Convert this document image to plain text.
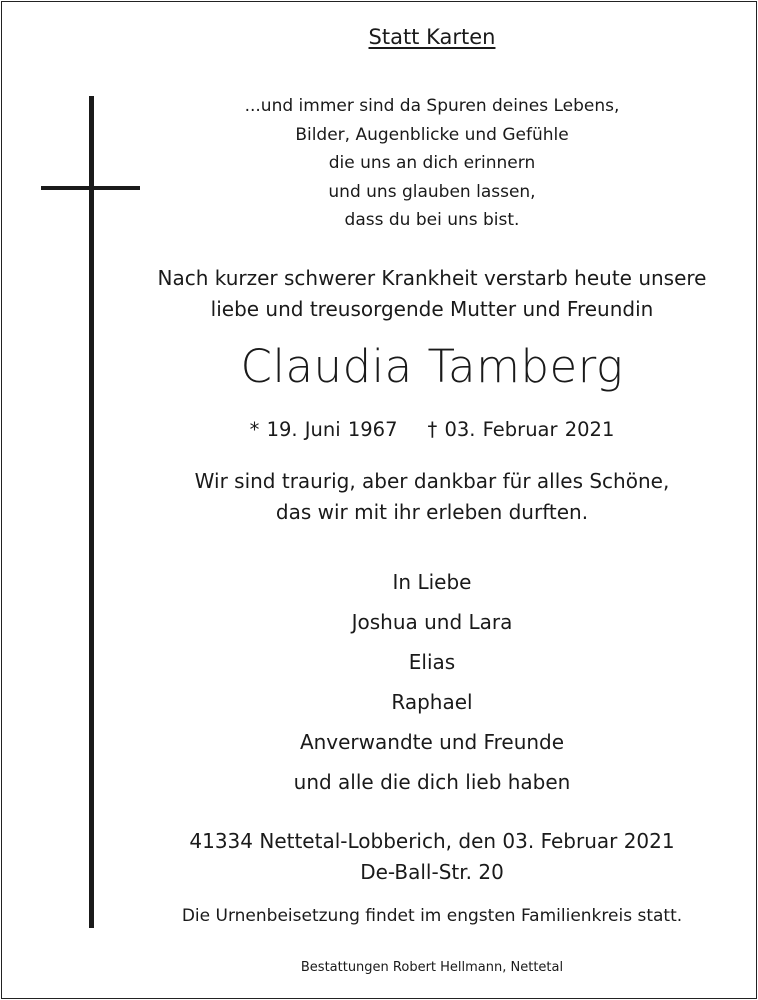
Statt Karten

...und immer sind da Spuren deines Lebens,
Bilder, Augenblicke und Gefühle
die uns an dich erinnern
und uns glauben lassen,
dass du bei uns bist.
Nach kurzer schwerer Krankheit verstarb heute unsere
liebe und treusorgende Mutter und Freundin

Claudia Tamberg

* 19. Juni 1967 † 03. Februar 2021

Wir sind traurig, aber dankbar für alles Schöne,
das wir mit ihr erleben durften.
In Liebe
Joshua und Lara
Elias
Raphael
Anverwandte und Freunde
und alle die dich lieb haben
41334 Nettetal-Lobberich, den 03. Februar 2021
De-Ball-Str. 20

Die Urnenbeisetzung findet im engsten Familienkreis statt.

Bestattungen Robert Hellmann, Nettetal
